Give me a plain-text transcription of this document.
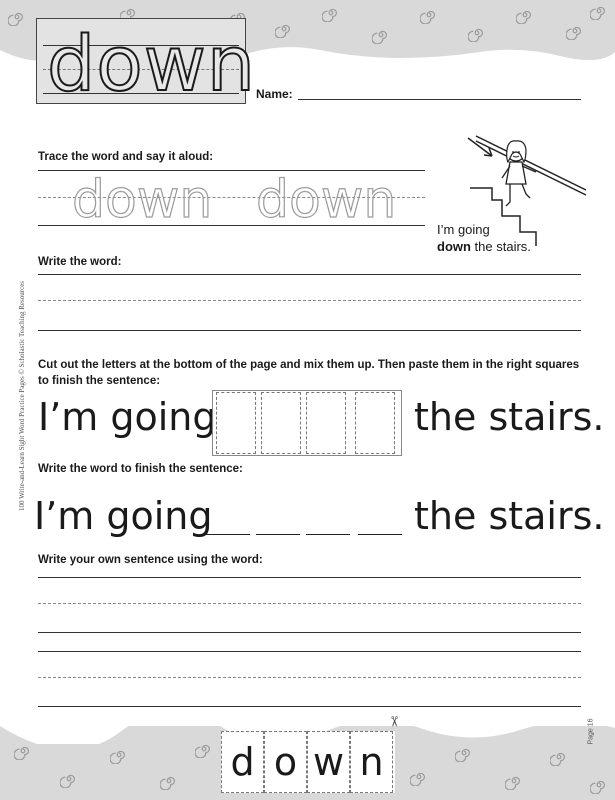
down Name:
Trace the word and say it aloud:
down down	I’m going
down the stairs.
Write the word:
Cut out the letters at the bottom of the page and mix them up. Then paste them in the right squares to finish the sentence:
I’m going	the stairs.
Write the word to finish the sentence:
I’m going	the stairs.
Write your own sentence using the word:
100 Write-and-Learn Sight Word Practice Pages © Scholastic Teaching Resources
Page 16
✂
d o w n
